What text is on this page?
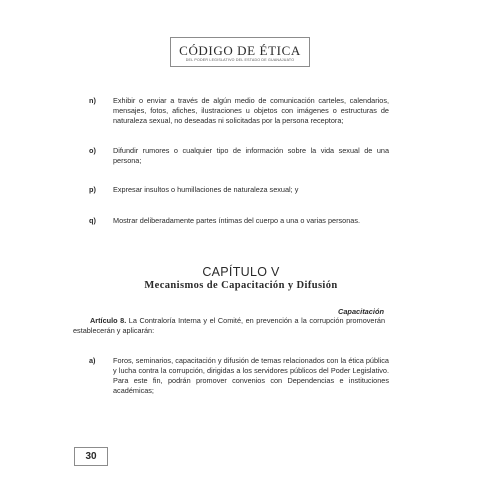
CÓDIGO DE ÉTICA
DEL PODER LEGISLATIVO DEL ESTADO DE GUANAJUATO
n) Exhibir o enviar a través de algún medio de comunicación carteles, calendarios, mensajes, fotos, afiches, ilustraciones u objetos con imágenes o estructuras de naturaleza sexual, no deseadas ni solicitadas por la persona receptora;
o) Difundir rumores o cualquier tipo de información sobre la vida sexual de una persona;
p) Expresar insultos o humillaciones de naturaleza sexual; y
q) Mostrar deliberadamente partes íntimas del cuerpo a una o varias personas.
CAPÍTULO V
Mecanismos de Capacitación y Difusión
Capacitación
Artículo 8. La Contraloría Interna y el Comité, en prevención a la corrupción promoverán establecerán y aplicarán:
a) Foros, seminarios, capacitación y difusión de temas relacionados con la ética pública y lucha contra la corrupción, dirigidas a los servidores públicos del Poder Legislativo. Para este fin, podrán promover convenios con Dependencias e instituciones académicas;
30
